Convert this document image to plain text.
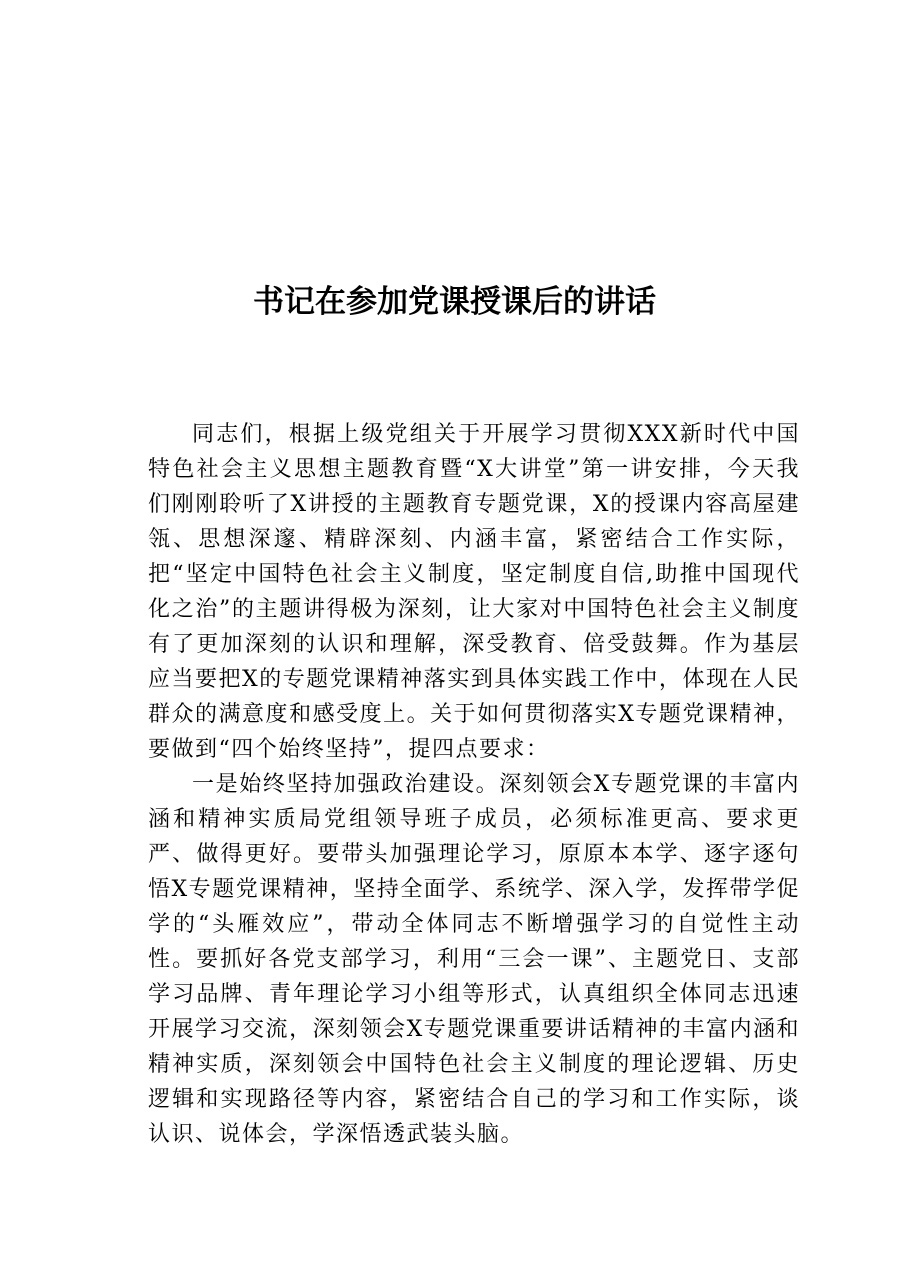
书记在参加党课授课后的讲话

同志们，根据上级党组关于开展学习贯彻XXX新时代中国特色社会主义思想主题教育暨“X大讲堂”第一讲安排，今天我们刚刚聆听了X讲授的主题教育专题党课，X的授课内容高屋建瓴、思想深邃、精辟深刻、内涵丰富，紧密结合工作实际，把“坚定中国特色社会主义制度，坚定制度自信,助推中国现代化之治”的主题讲得极为深刻，让大家对中国特色社会主义制度有了更加深刻的认识和理解，深受教育、倍受鼓舞。作为基层应当要把X的专题党课精神落实到具体实践工作中，体现在人民群众的满意度和感受度上。关于如何贯彻落实X专题党课精神，要做到“四个始终坚持”，提四点要求：

一是始终坚持加强政治建设。深刻领会X专题党课的丰富内涵和精神实质局党组领导班子成员，必须标准更高、要求更严、做得更好。要带头加强理论学习，原原本本学、逐字逐句悟X专题党课精神，坚持全面学、系统学、深入学，发挥带学促学的“头雁效应”，带动全体同志不断增强学习的自觉性主动性。要抓好各党支部学习，利用“三会一课”、主题党日、支部学习品牌、青年理论学习小组等形式，认真组织全体同志迅速开展学习交流，深刻领会X专题党课重要讲话精神的丰富内涵和精神实质，深刻领会中国特色社会主义制度的理论逻辑、历史逻辑和实现路径等内容，紧密结合自己的学习和工作实际，谈认识、说体会，学深悟透武装头脑。
